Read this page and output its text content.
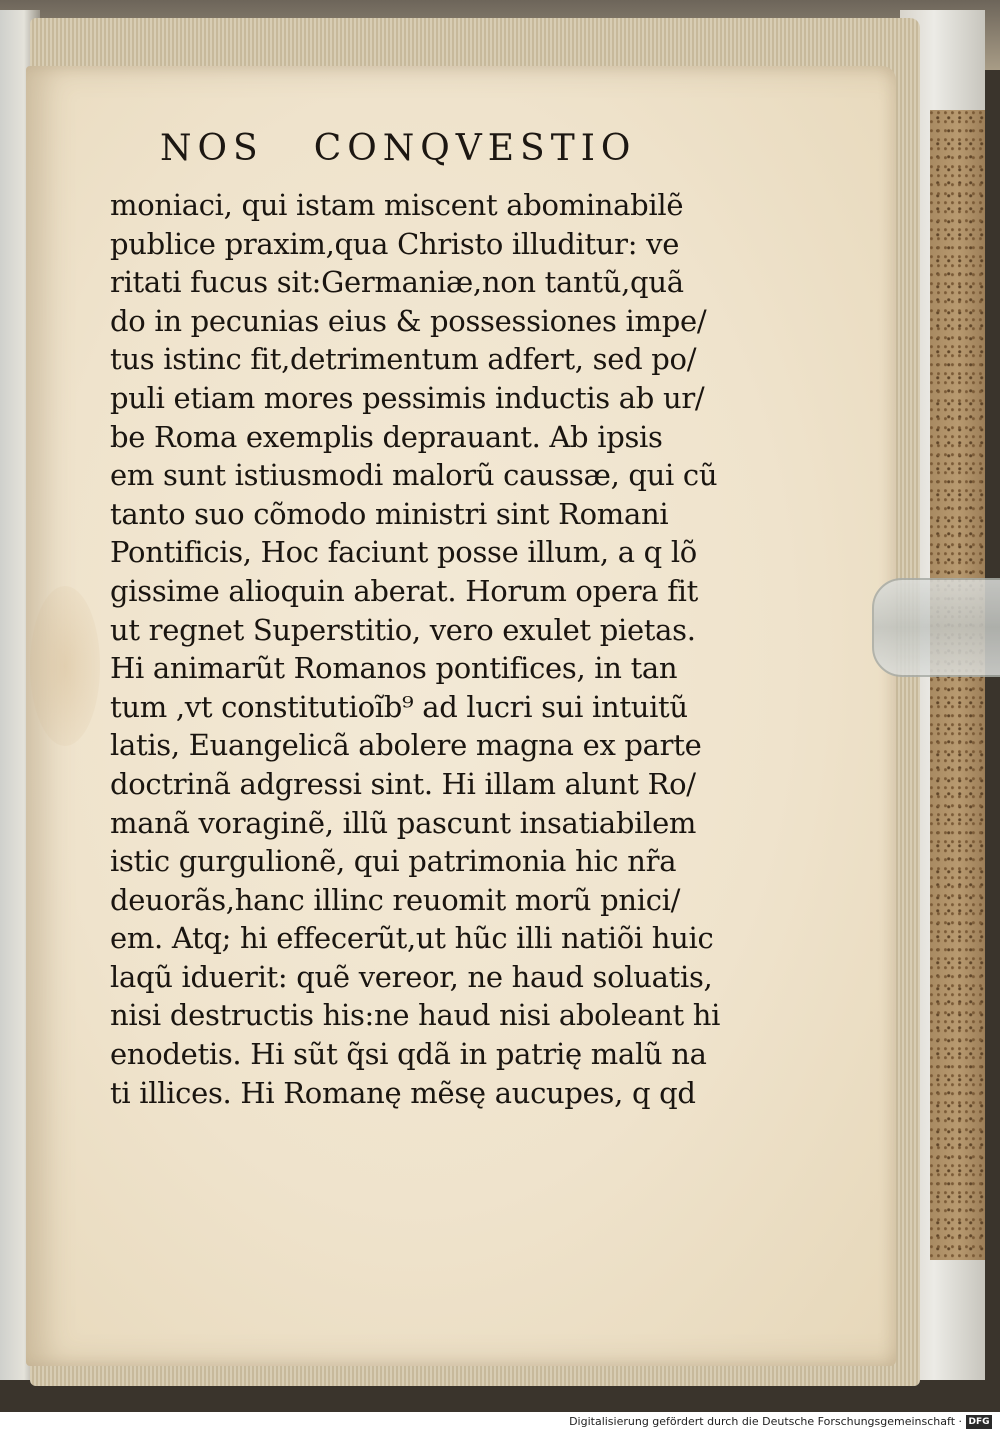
NOS CONQVESTIO
moniaci, qui istam miscent abominabilẽ
publice praxim,qua Christo illuditur: ve
ritati fucus sit:Germaniæ,non tantũ,quã
do in pecunias eius & possessiones impe/
tus istinc fit,detrimentum adfert, sed po/
puli etiam mores pessimis inductis ab ur/
be Roma exemplis deprauant. Ab ipsis
em sunt istiusmodi malorũ caussæ, qui cũ
tanto suo cõmodo ministri sint Romani
Pontificis, Hoc faciunt posse illum, a q lõ
gissime alioquin aberat. Horum opera fit
ut regnet Superstitio, vero exulet pietas.
Hi animarũt Romanos pontifices, in tan
tum ,vt constitutioĩb⁹ ad lucri sui intuitũ
latis, Euangelicã abolere magna ex parte
doctrinã adgressi sint. Hi illam alunt Ro/
manã voraginẽ, illũ pascunt insatiabilem
istic gurgulionẽ, qui patrimonia hic nr̃a
deuorãs,hanc illinc reuomit morũ pnici/
em. Atq; hi effecerũt,ut hũc illi natiõi huic
laqũ iduerit: quẽ vereor, ne haud soluatis,
nisi destructis his:ne haud nisi aboleant hi
enodetis. Hi sũt q̃si qdã in patrię malũ na
ti illices. Hi Romanę mẽsę aucupes, q qd
Digitalisierung gefördert durch die Deutsche Forschungsgemeinschaft · DFG
